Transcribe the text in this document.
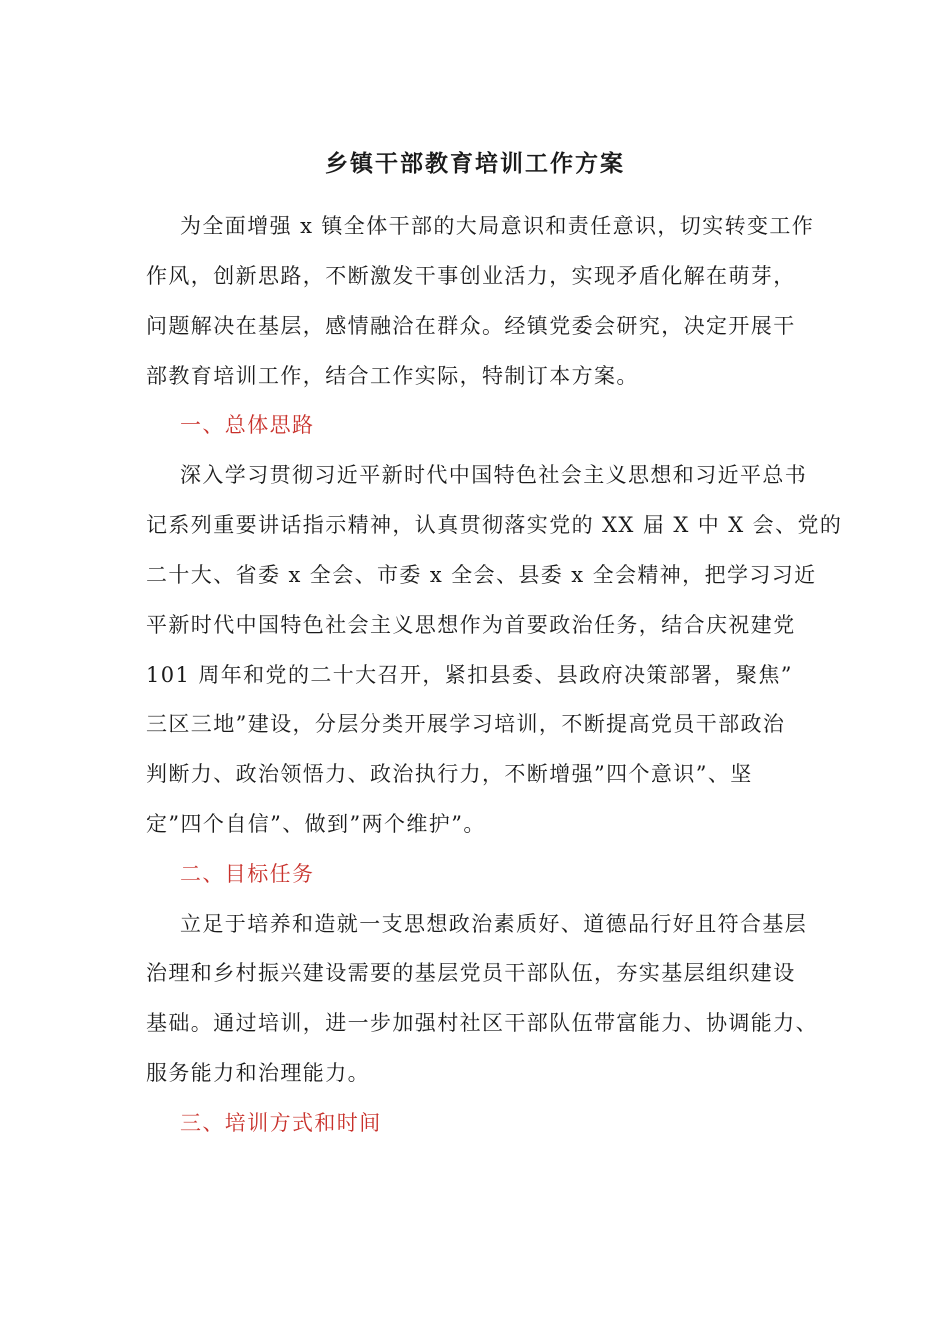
乡镇干部教育培训工作方案
为全面增强 x 镇全体干部的大局意识和责任意识，切实转变工作
作风，创新思路，不断激发干事创业活力，实现矛盾化解在萌芽，
问题解决在基层，感情融洽在群众。经镇党委会研究，决定开展干
部教育培训工作，结合工作实际，特制订本方案。
一、总体思路
深入学习贯彻习近平新时代中国特色社会主义思想和习近平总书
记系列重要讲话指示精神，认真贯彻落实党的 XX 届 X 中 X 会、党的
二十大、省委 x 全会、市委 x 全会、县委 x 全会精神，把学习习近
平新时代中国特色社会主义思想作为首要政治任务，结合庆祝建党
101 周年和党的二十大召开，紧扣县委、县政府决策部署，聚焦”
三区三地”建设，分层分类开展学习培训，不断提高党员干部政治
判断力、政治领悟力、政治执行力，不断增强”四个意识”、坚
定”四个自信”、做到”两个维护”。
二、目标任务
立足于培养和造就一支思想政治素质好、道德品行好且符合基层
治理和乡村振兴建设需要的基层党员干部队伍，夯实基层组织建设
基础。通过培训，进一步加强村社区干部队伍带富能力、协调能力、
服务能力和治理能力。
三、培训方式和时间
